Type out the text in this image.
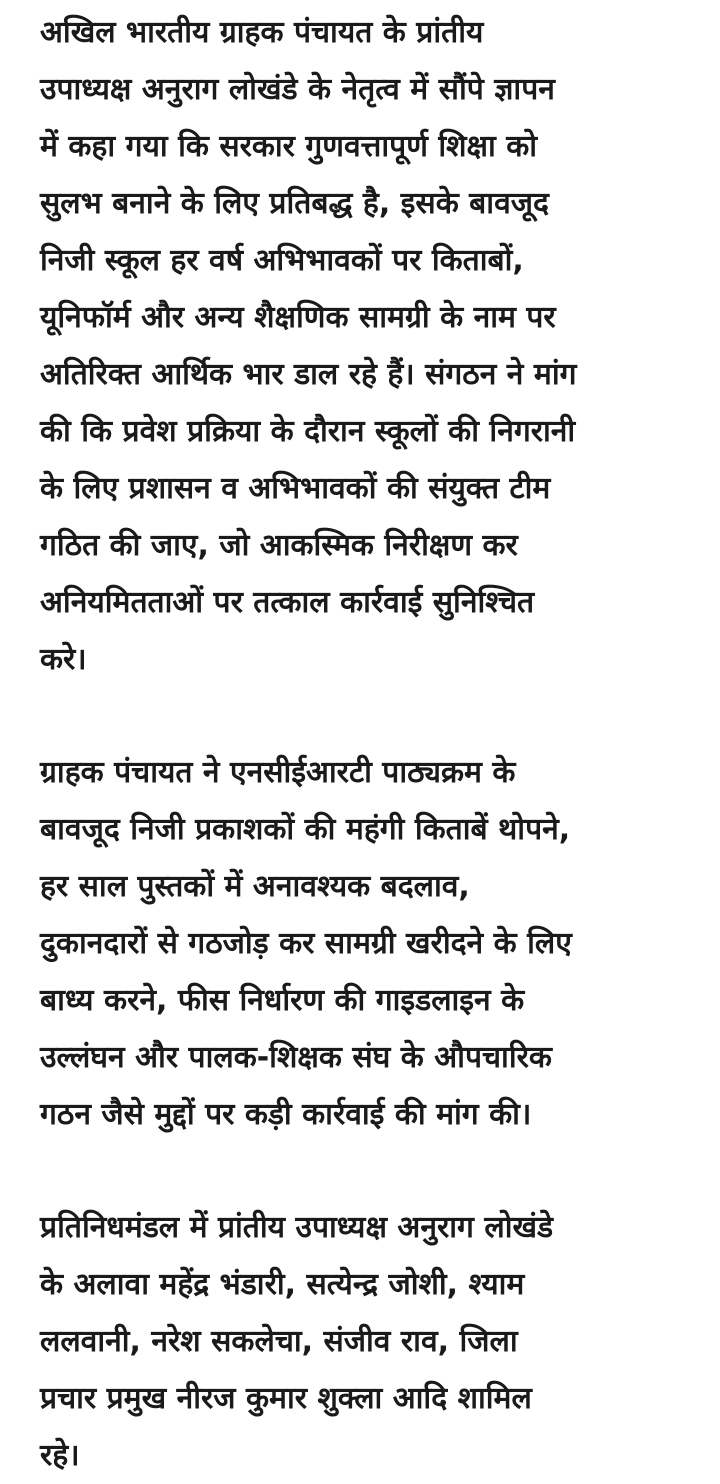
अखिल भारतीय ग्राहक पंचायत के प्रांतीय
उपाध्यक्ष अनुराग लोखंडे के नेतृत्व में सौंपे ज्ञापन
में कहा गया कि सरकार गुणवत्तापूर्ण शिक्षा को
सुलभ बनाने के लिए प्रतिबद्ध है, इसके बावजूद
निजी स्कूल हर वर्ष अभिभावकों पर किताबों,
यूनिफॉर्म और अन्य शैक्षणिक सामग्री के नाम पर
अतिरिक्त आर्थिक भार डाल रहे हैं। संगठन ने मांग
की कि प्रवेश प्रक्रिया के दौरान स्कूलों की निगरानी
के लिए प्रशासन व अभिभावकों की संयुक्त टीम
गठित की जाए, जो आकस्मिक निरीक्षण कर
अनियमितताओं पर तत्काल कार्रवाई सुनिश्चित
करे।

ग्राहक पंचायत ने एनसीईआरटी पाठ्यक्रम के
बावजूद निजी प्रकाशकों की महंगी किताबें थोपने,
हर साल पुस्तकों में अनावश्यक बदलाव,
दुकानदारों से गठजोड़ कर सामग्री खरीदने के लिए
बाध्य करने, फीस निर्धारण की गाइडलाइन के
उल्लंघन और पालक-शिक्षक संघ के औपचारिक
गठन जैसे मुद्दों पर कड़ी कार्रवाई की मांग की।

प्रतिनिधमंडल में प्रांतीय उपाध्यक्ष अनुराग लोखंडे
के अलावा महेंद्र भंडारी, सत्येन्द्र जोशी, श्याम
ललवानी, नरेश सकलेचा, संजीव राव, जिला
प्रचार प्रमुख नीरज कुमार शुक्ला आदि शामिल
रहे।
